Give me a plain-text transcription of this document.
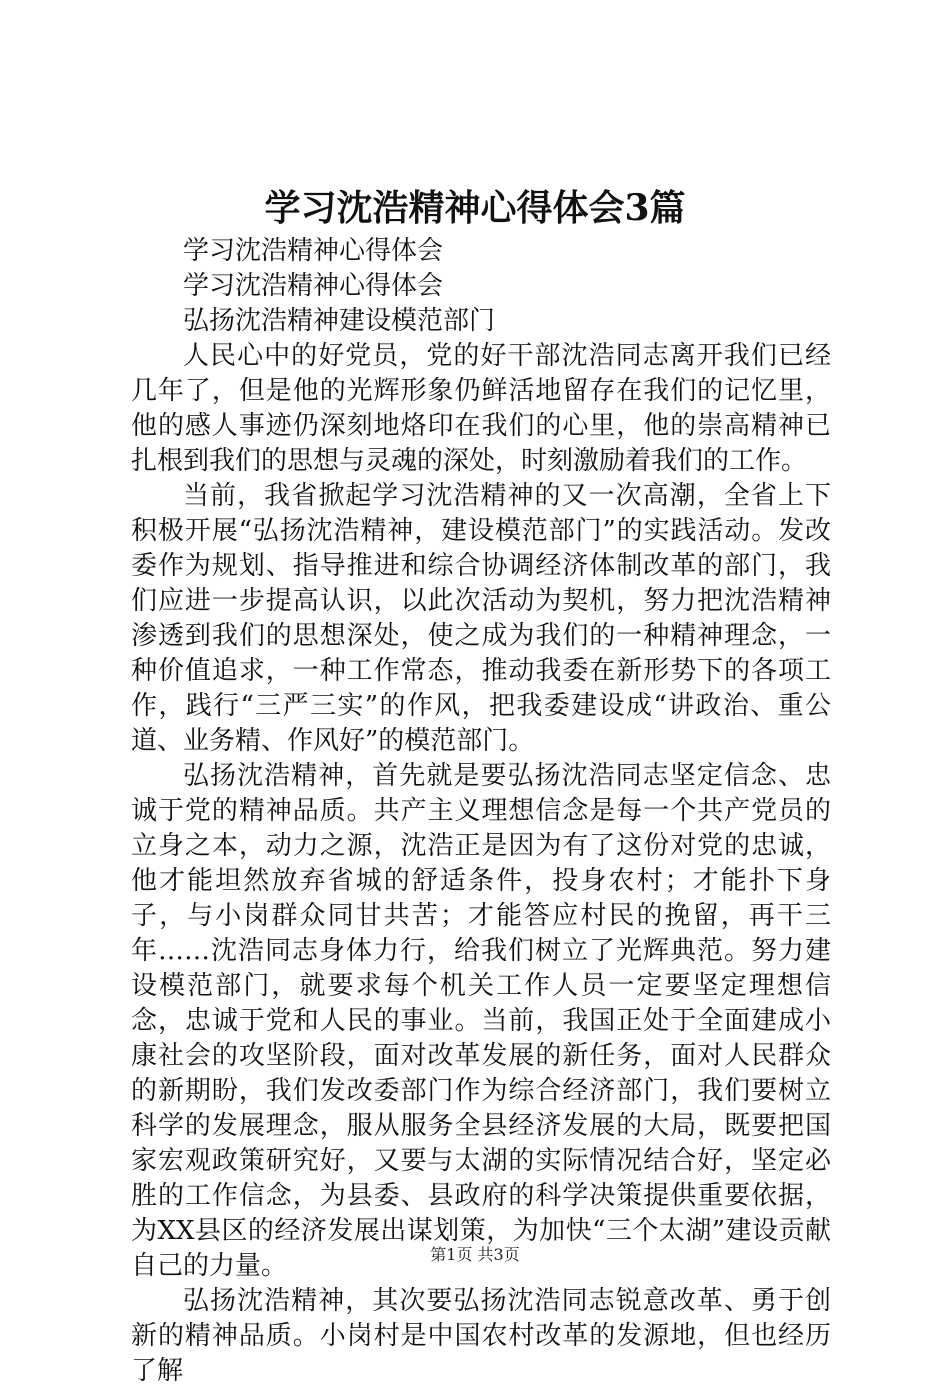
学习沈浩精神心得体会3篇

学习沈浩精神心得体会

学习沈浩精神心得体会

弘扬沈浩精神建设模范部门

人民心中的好党员，党的好干部沈浩同志离开我们已经几年了，但是他的光辉形象仍鲜活地留存在我们的记忆里，他的感人事迹仍深刻地烙印在我们的心里，他的崇高精神已扎根到我们的思想与灵魂的深处，时刻激励着我们的工作。

当前，我省掀起学习沈浩精神的又一次高潮，全省上下积极开展“弘扬沈浩精神，建设模范部门”的实践活动。发改委作为规划、指导推进和综合协调经济体制改革的部门，我们应进一步提高认识，以此次活动为契机，努力把沈浩精神渗透到我们的思想深处，使之成为我们的一种精神理念，一种价值追求，一种工作常态，推动我委在新形势下的各项工作，践行“三严三实”的作风，把我委建设成“讲政治、重公道、业务精、作风好”的模范部门。

弘扬沈浩精神，首先就是要弘扬沈浩同志坚定信念、忠诚于党的精神品质。共产主义理想信念是每一个共产党员的立身之本，动力之源，沈浩正是因为有了这份对党的忠诚，他才能坦然放弃省城的舒适条件，投身农村；才能扑下身子，与小岗群众同甘共苦；才能答应村民的挽留，再干三年……沈浩同志身体力行，给我们树立了光辉典范。努力建设模范部门，就要求每个机关工作人员一定要坚定理想信念，忠诚于党和人民的事业。当前，我国正处于全面建成小康社会的攻坚阶段，面对改革发展的新任务，面对人民群众的新期盼，我们发改委部门作为综合经济部门，我们要树立科学的发展理念，服从服务全县经济发展的大局，既要把国家宏观政策研究好，又要与太湖的实际情况结合好，坚定必胜的工作信念，为县委、县政府的科学决策提供重要依据，为XX县区的经济发展出谋划策，为加快“三个太湖”建设贡献自己的力量。

弘扬沈浩精神，其次要弘扬沈浩同志锐意改革、勇于创新的精神品质。小岗村是中国农村改革的发源地，但也经历了解

第1页 共3页
